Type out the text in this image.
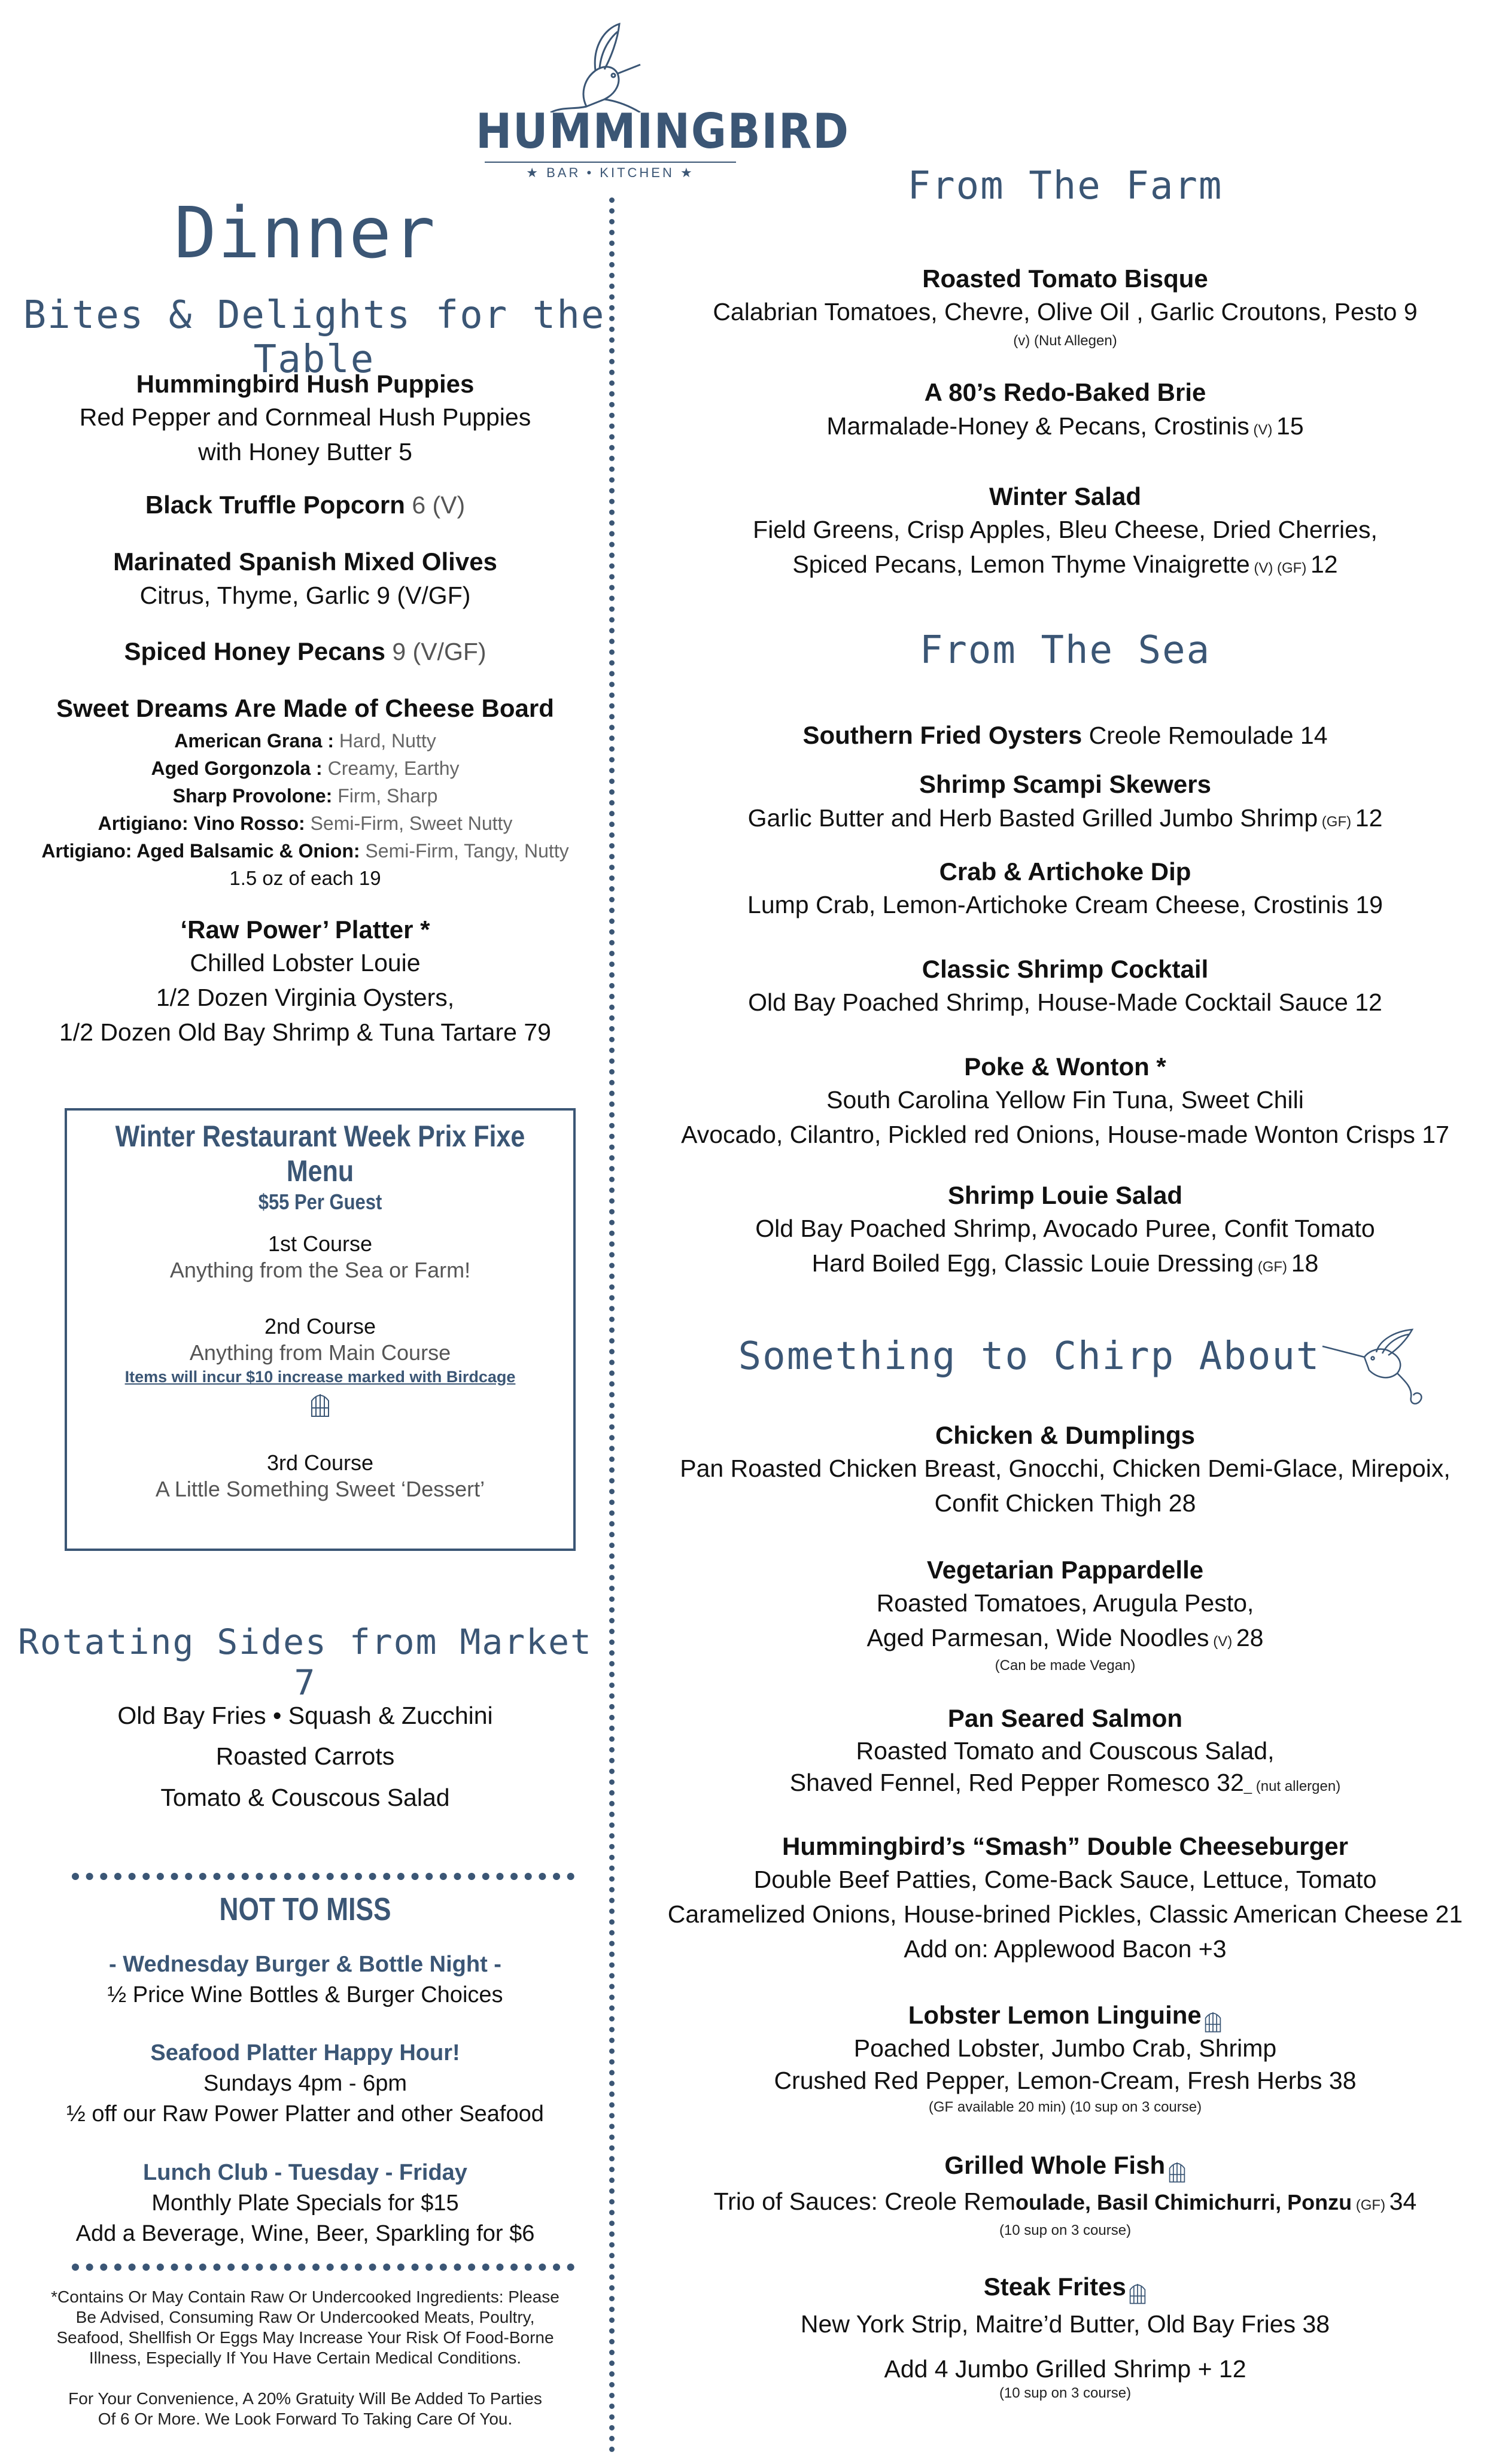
HUMMINGBIRD
★ BAR • KITCHEN ★
Dinner
Bites & Delights for the Table
Hummingbird Hush Puppies
Red Pepper and Cornmeal Hush Puppies
with Honey Butter 5
Black Truffle Popcorn 6 (V)
Marinated Spanish Mixed Olives
Citrus, Thyme, Garlic 9 (V/GF)
Spiced Honey Pecans 9 (V/GF)
Sweet Dreams Are Made of Cheese Board
American Grana : Hard, Nutty
Aged Gorgonzola : Creamy, Earthy
Sharp Provolone: Firm, Sharp
Artigiano: Vino Rosso: Semi-Firm, Sweet Nutty
Artigiano: Aged Balsamic & Onion: Semi-Firm, Tangy, Nutty
1.5 oz of each 19
‘Raw Power’ Platter *
Chilled Lobster Louie
1/2 Dozen Virginia Oysters,
1/2 Dozen Old Bay Shrimp & Tuna Tartare 79
Winter Restaurant Week Prix Fixe Menu
$55 Per Guest
1st Course
Anything from the Sea or Farm!
2nd Course
Anything from Main Course
Items will incur $10 increase marked with Birdcage
3rd Course
A Little Something Sweet ‘Dessert’
Rotating Sides from Market 7
Old Bay Fries • Squash & Zucchini
Roasted Carrots
Tomato & Couscous Salad
NOT TO MISS
- Wednesday Burger & Bottle Night -
½ Price Wine Bottles & Burger Choices
Seafood Platter Happy Hour!
Sundays 4pm - 6pm
½ off our Raw Power Platter and other Seafood
Lunch Club - Tuesday - Friday
Monthly Plate Specials for $15
Add a Beverage, Wine, Beer, Sparkling for $6
*Contains Or May Contain Raw Or Undercooked Ingredients: Please
Be Advised, Consuming Raw Or Undercooked Meats, Poultry,
Seafood, Shellfish Or Eggs May Increase Your Risk Of Food-Borne
Illness, Especially If You Have Certain Medical Conditions.
For Your Convenience, A 20% Gratuity Will Be Added To Parties
Of 6 Or More. We Look Forward To Taking Care Of You.
From The Farm
Roasted Tomato Bisque
Calabrian Tomatoes, Chevre, Olive Oil , Garlic Croutons, Pesto 9
(v) (Nut Allegen)
A 80’s Redo-Baked Brie
Marmalade-Honey & Pecans, Crostinis (V) 15
Winter Salad
Field Greens, Crisp Apples, Bleu Cheese, Dried Cherries,
Spiced Pecans, Lemon Thyme Vinaigrette (V) (GF) 12
From The Sea
Southern Fried Oysters Creole Remoulade 14
Shrimp Scampi Skewers
Garlic Butter and Herb Basted Grilled Jumbo Shrimp (GF) 12
Crab & Artichoke Dip
Lump Crab, Lemon-Artichoke Cream Cheese, Crostinis 19
Classic Shrimp Cocktail
Old Bay Poached Shrimp, House-Made Cocktail Sauce 12
Poke & Wonton *
South Carolina Yellow Fin Tuna, Sweet Chili
Avocado, Cilantro, Pickled red Onions, House-made Wonton Crisps 17
Shrimp Louie Salad
Old Bay Poached Shrimp, Avocado Puree, Confit Tomato
Hard Boiled Egg, Classic Louie Dressing (GF) 18
Something to Chirp About
Chicken & Dumplings
Pan Roasted Chicken Breast, Gnocchi, Chicken Demi-Glace, Mirepoix,
Confit Chicken Thigh 28
Vegetarian Pappardelle
Roasted Tomatoes, Arugula Pesto,
Aged Parmesan, Wide Noodles (V) 28
(Can be made Vegan)
Pan Seared Salmon
Roasted Tomato and Couscous Salad,
Shaved Fennel, Red Pepper Romesco 32_ (nut allergen)
Hummingbird’s “Smash” Double Cheeseburger
Double Beef Patties, Come-Back Sauce, Lettuce, Tomato
Caramelized Onions, House-brined Pickles, Classic American Cheese 21
Add on: Applewood Bacon +3
Lobster Lemon Linguine
Poached Lobster, Jumbo Crab, Shrimp
Crushed Red Pepper, Lemon-Cream, Fresh Herbs 38
(GF available 20 min) (10 sup on 3 course)
Grilled Whole Fish
Trio of Sauces: Creole Remoulade, Basil Chimichurri, Ponzu (GF) 34
(10 sup on 3 course)
Steak Frites
New York Strip, Maitre’d Butter, Old Bay Fries 38
Add 4 Jumbo Grilled Shrimp + 12
(10 sup on 3 course)
